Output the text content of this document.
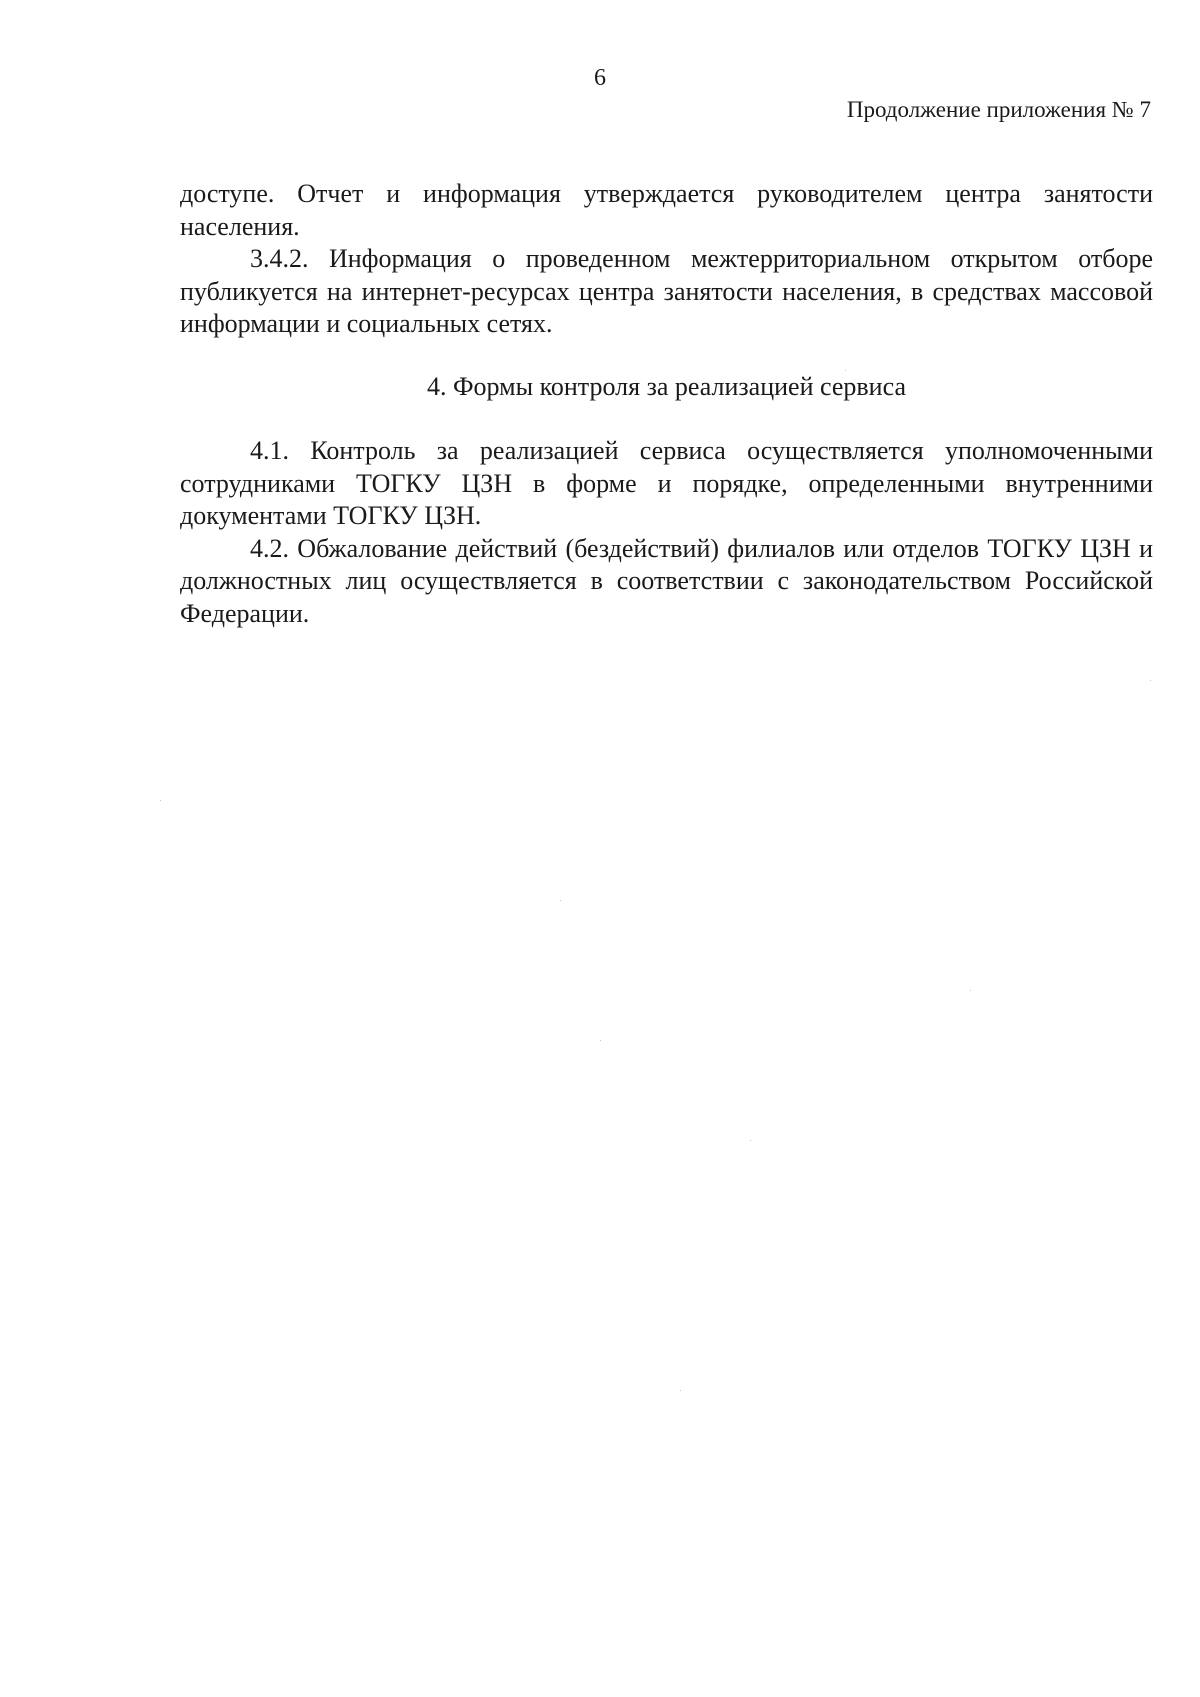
6
Продолжение приложения № 7

доступе. Отчет и информация утверждается руководителем центра занятости населения.

3.4.2. Информация о проведенном межтерриториальном открытом отборе публикуется на интернет-ресурсах центра занятости населения, в средствах массовой информации и социальных сетях.

4. Формы контроля за реализацией сервиса

4.1. Контроль за реализацией сервиса осуществляется уполномоченными сотрудниками ТОГКУ ЦЗН в форме и порядке, определенными внутренними документами ТОГКУ ЦЗН.

4.2. Обжалование действий (бездействий) филиалов или отделов ТОГКУ ЦЗН и должностных лиц осуществляется в соответствии с законодательством Российской Федерации.
